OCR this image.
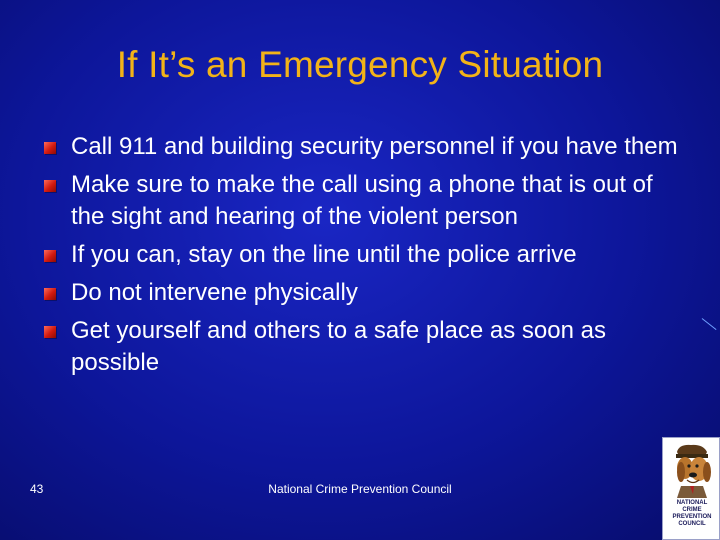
If It’s an Emergency Situation
Call 911 and building security personnel if you have them
Make sure to make the call using a phone that is out of the sight and hearing of the violent person
If you can, stay on the line until the police arrive
Do not intervene physically
Get yourself and others to a safe place as soon as possible
43	National Crime Prevention Council
NATIONAL
CRIME
PREVENTION
COUNCIL
